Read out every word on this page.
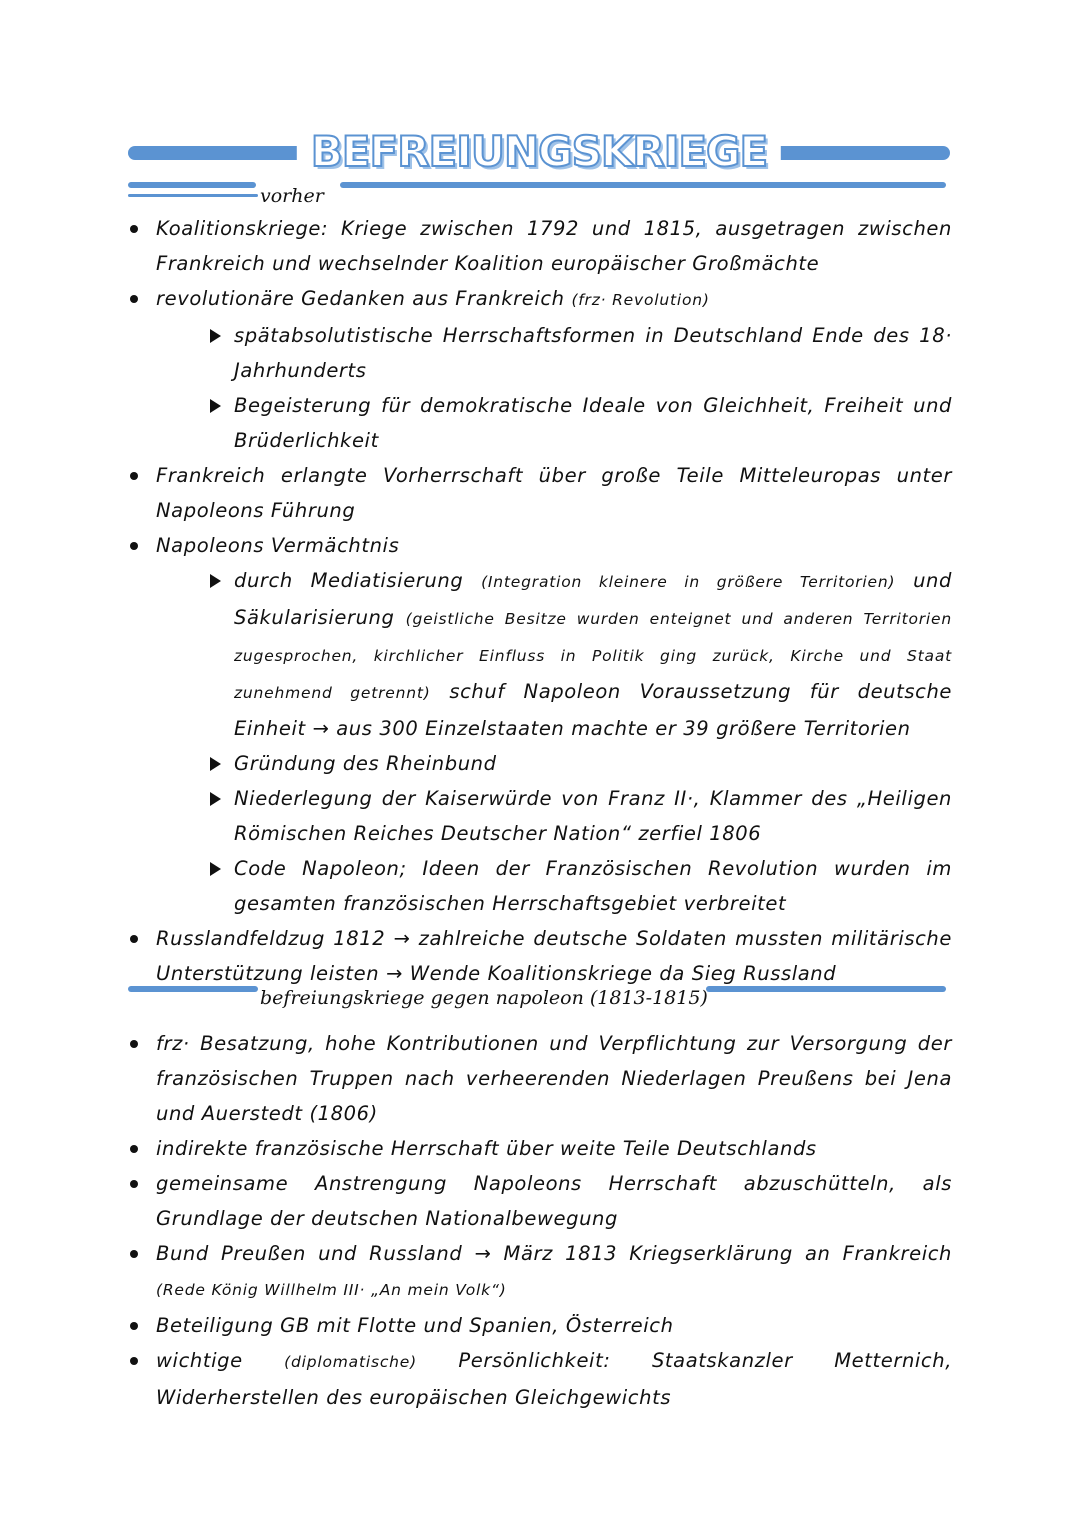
BEFREIUNGSKRIEGE
vorher
Koalitionskriege: Kriege zwischen 1792 und 1815, ausgetragen zwischen Frankreich und wechselnder Koalition europäischer Großmächte
revolutionäre Gedanken aus Frankreich (frz· Revolution)
spätabsolutistische Herrschaftsformen in Deutschland Ende des 18· Jahrhunderts
Begeisterung für demokratische Ideale von Gleichheit, Freiheit und Brüderlichkeit
Frankreich erlangte Vorherrschaft über große Teile Mitteleuropas unter Napoleons Führung
Napoleons Vermächtnis
durch Mediatisierung (Integration kleinere in größere Territorien) und Säkularisierung (geistliche Besitze wurden enteignet und anderen Territorien zugesprochen, kirchlicher Einfluss in Politik ging zurück, Kirche und Staat zunehmend getrennt) schuf Napoleon Voraussetzung für deutsche Einheit → aus 300 Einzelstaaten machte er 39 größere Territorien
Gründung des Rheinbund
Niederlegung der Kaiserwürde von Franz II·, Klammer des „Heiligen Römischen Reiches Deutscher Nation“ zerfiel 1806
Code Napoleon; Ideen der Französischen Revolution wurden im gesamten französischen Herrschaftsgebiet verbreitet
Russlandfeldzug 1812 → zahlreiche deutsche Soldaten mussten militärische Unterstützung leisten → Wende Koalitionskriege da Sieg Russland
frz· Besatzung, hohe Kontributionen und Verpflichtung zur Versorgung der französischen Truppen nach verheerenden Niederlagen Preußens bei Jena und Auerstedt (1806)
indirekte französische Herrschaft über weite Teile Deutschlands
gemeinsame Anstrengung Napoleons Herrschaft abzuschütteln, als Grundlage der deutschen Nationalbewegung
Bund Preußen und Russland → März 1813 Kriegserklärung an Frankreich (Rede König Willhelm III· „An mein Volk“)
Beteiligung GB mit Flotte und Spanien, Österreich
wichtige (diplomatische) Persönlichkeit: Staatskanzler Metternich, Widerherstellen des europäischen Gleichgewichts
befreiungskriege gegen napoleon (1813-1815)
